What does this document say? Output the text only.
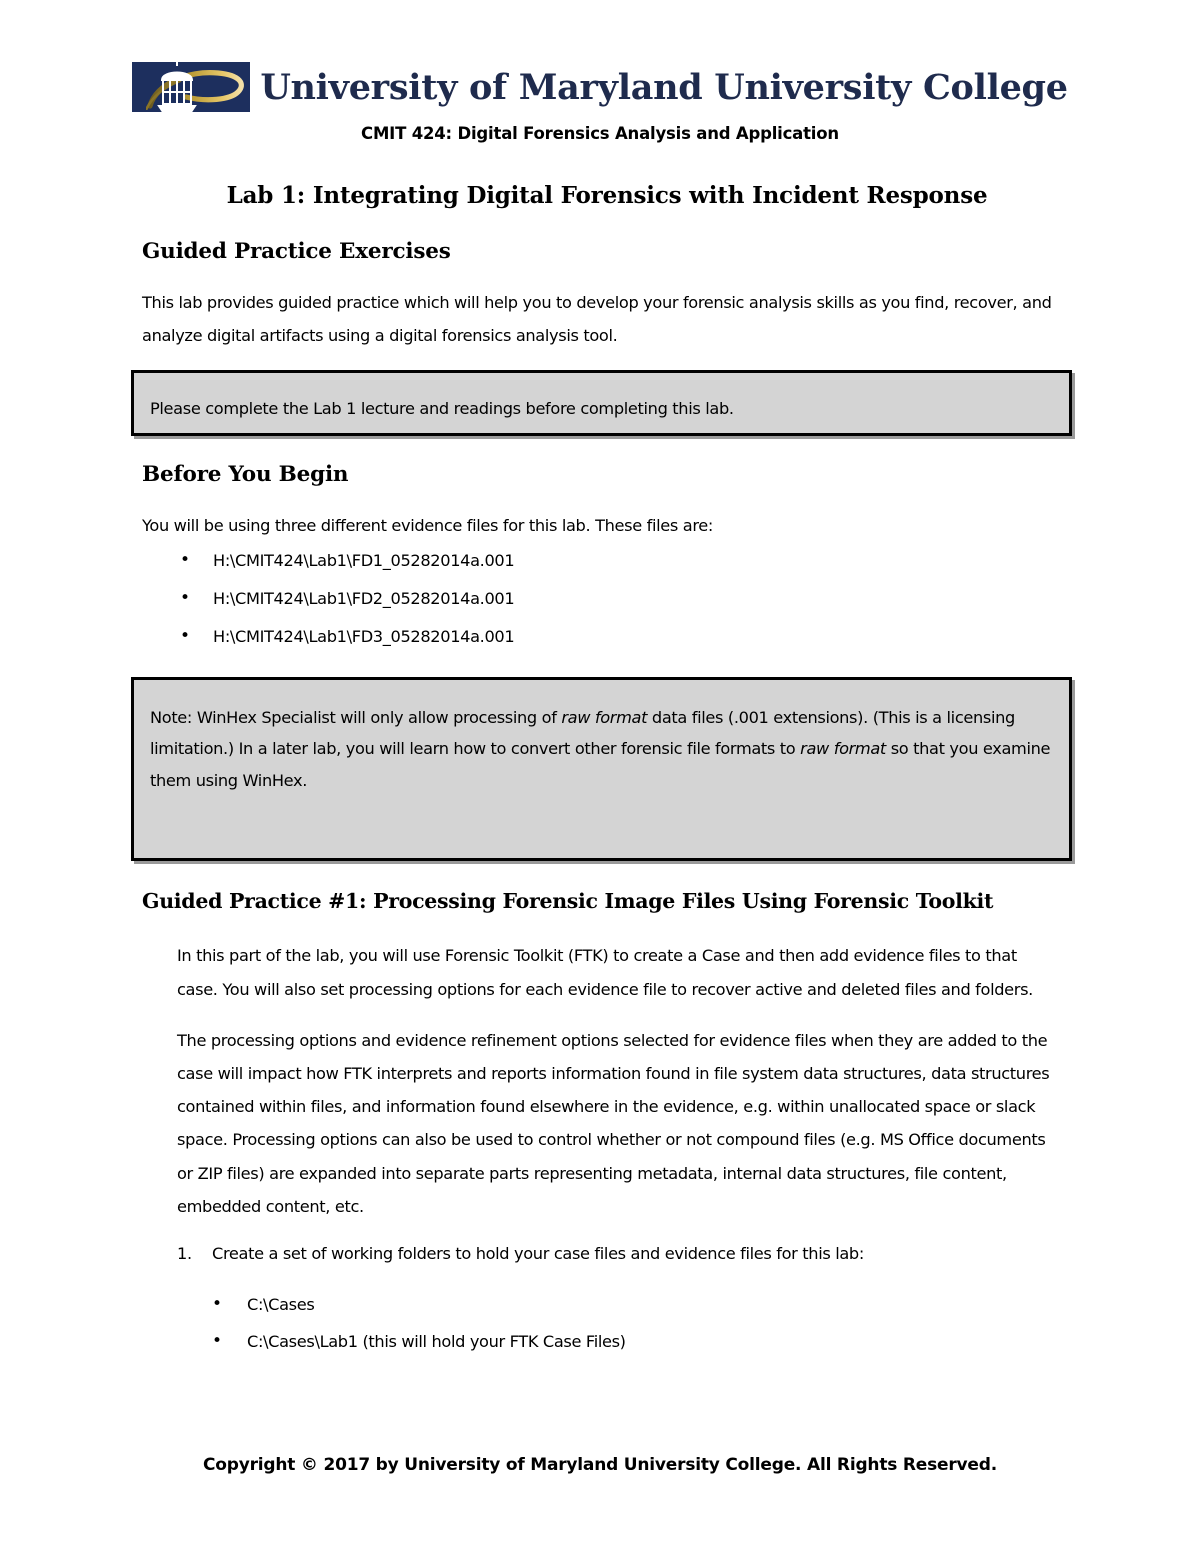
University of Maryland University College
CMIT 424: Digital Forensics Analysis and Application
Lab 1: Integrating Digital Forensics with Incident Response
Guided Practice Exercises

This lab provides guided practice which will help you to develop your forensic analysis skills as you find, recover, and analyze digital artifacts using a digital forensics analysis tool.

Please complete the Lab 1 lecture and readings before completing this lab.

Before You Begin

You will be using three different evidence files for this lab. These files are:

• H:\CMIT424\Lab1\FD1_05282014a.001
• H:\CMIT424\Lab1\FD2_05282014a.001
• H:\CMIT424\Lab1\FD3_05282014a.001

Note: WinHex Specialist will only allow processing of raw format data files (.001 extensions). (This is a licensing limitation.) In a later lab, you will learn how to convert other forensic file formats to raw format so that you examine them using WinHex.

Guided Practice #1: Processing Forensic Image Files Using Forensic Toolkit

In this part of the lab, you will use Forensic Toolkit (FTK) to create a Case and then add evidence files to that case. You will also set processing options for each evidence file to recover active and deleted files and folders.

The processing options and evidence refinement options selected for evidence files when they are added to the case will impact how FTK interprets and reports information found in file system data structures, data structures contained within files, and information found elsewhere in the evidence, e.g. within unallocated space or slack space. Processing options can also be used to control whether or not compound files (e.g. MS Office documents or ZIP files) are expanded into separate parts representing metadata, internal data structures, file content, embedded content, etc.

1. Create a set of working folders to hold your case files and evidence files for this lab:
• C:\Cases
• C:\Cases\Lab1 (this will hold your FTK Case Files)
Copyright © 2017 by University of Maryland University College. All Rights Reserved.
